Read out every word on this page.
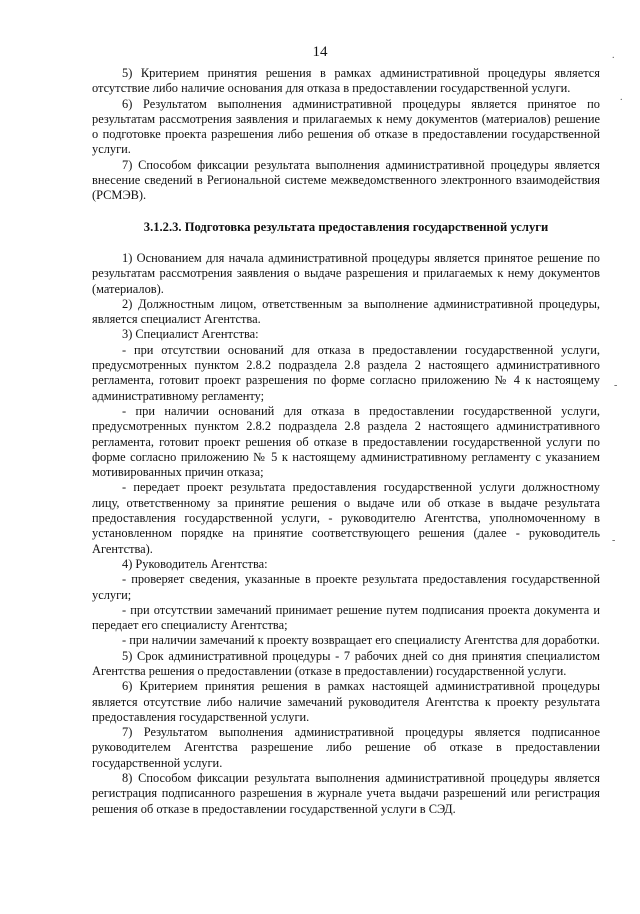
14

5) Критерием принятия решения в рамках административной процедуры является отсутствие либо наличие основания для отказа в предоставлении государственной услуги.

6) Результатом выполнения административной процедуры является принятое по результатам рассмотрения заявления и прилагаемых к нему документов (материалов) решение о подготовке проекта разрешения либо решения об отказе в предоставлении государственной услуги.

7) Способом фиксации результата выполнения административной процедуры является внесение сведений в Региональной системе межведомственного электронного взаимодействия (РСМЭВ).

3.1.2.3. Подготовка результата предоставления государственной услуги

1) Основанием для начала административной процедуры является принятое решение по результатам рассмотрения заявления о выдаче разрешения и прилагаемых к нему документов (материалов).

2) Должностным лицом, ответственным за выполнение административной процедуры, является специалист Агентства.

3) Специалист Агентства:

- при отсутствии оснований для отказа в предоставлении государственной услуги, предусмотренных пунктом 2.8.2 подраздела 2.8 раздела 2 настоящего административного регламента, готовит проект разрешения по форме согласно приложению № 4 к настоящему административному регламенту;

- при наличии оснований для отказа в предоставлении государственной услуги, предусмотренных пунктом 2.8.2 подраздела 2.8 раздела 2 настоящего административного регламента, готовит проект решения об отказе в предоставлении государственной услуги по форме согласно приложению № 5 к настоящему административному регламенту с указанием мотивированных причин отказа;

- передает проект результата предоставления государственной услуги должностному лицу, ответственному за принятие решения о выдаче или об отказе в выдаче результата предоставления государственной услуги, - руководителю Агентства, уполномоченному в установленном порядке на принятие соответствующего решения (далее - руководитель Агентства).

4) Руководитель Агентства:

- проверяет сведения, указанные в проекте результата предоставления государственной услуги;

- при отсутствии замечаний принимает решение путем подписания проекта документа и передает его специалисту Агентства;

- при наличии замечаний к проекту возвращает его специалисту Агентства для доработки.

5) Срок административной процедуры - 7 рабочих дней со дня принятия специалистом Агентства решения о предоставлении (отказе в предоставлении) государственной услуги.

6) Критерием принятия решения в рамках настоящей административной процедуры является отсутствие либо наличие замечаний руководителя Агентства к проекту результата предоставления государственной услуги.

7) Результатом выполнения административной процедуры является подписанное руководителем Агентства разрешение либо решение об отказе в предоставлении государственной услуги.

8) Способом фиксации результата выполнения административной процедуры является регистрация подписанного разрешения в журнале учета выдачи разрешений или регистрация решения об отказе в предоставлении государственной услуги в СЭД.

.
.
-
-
